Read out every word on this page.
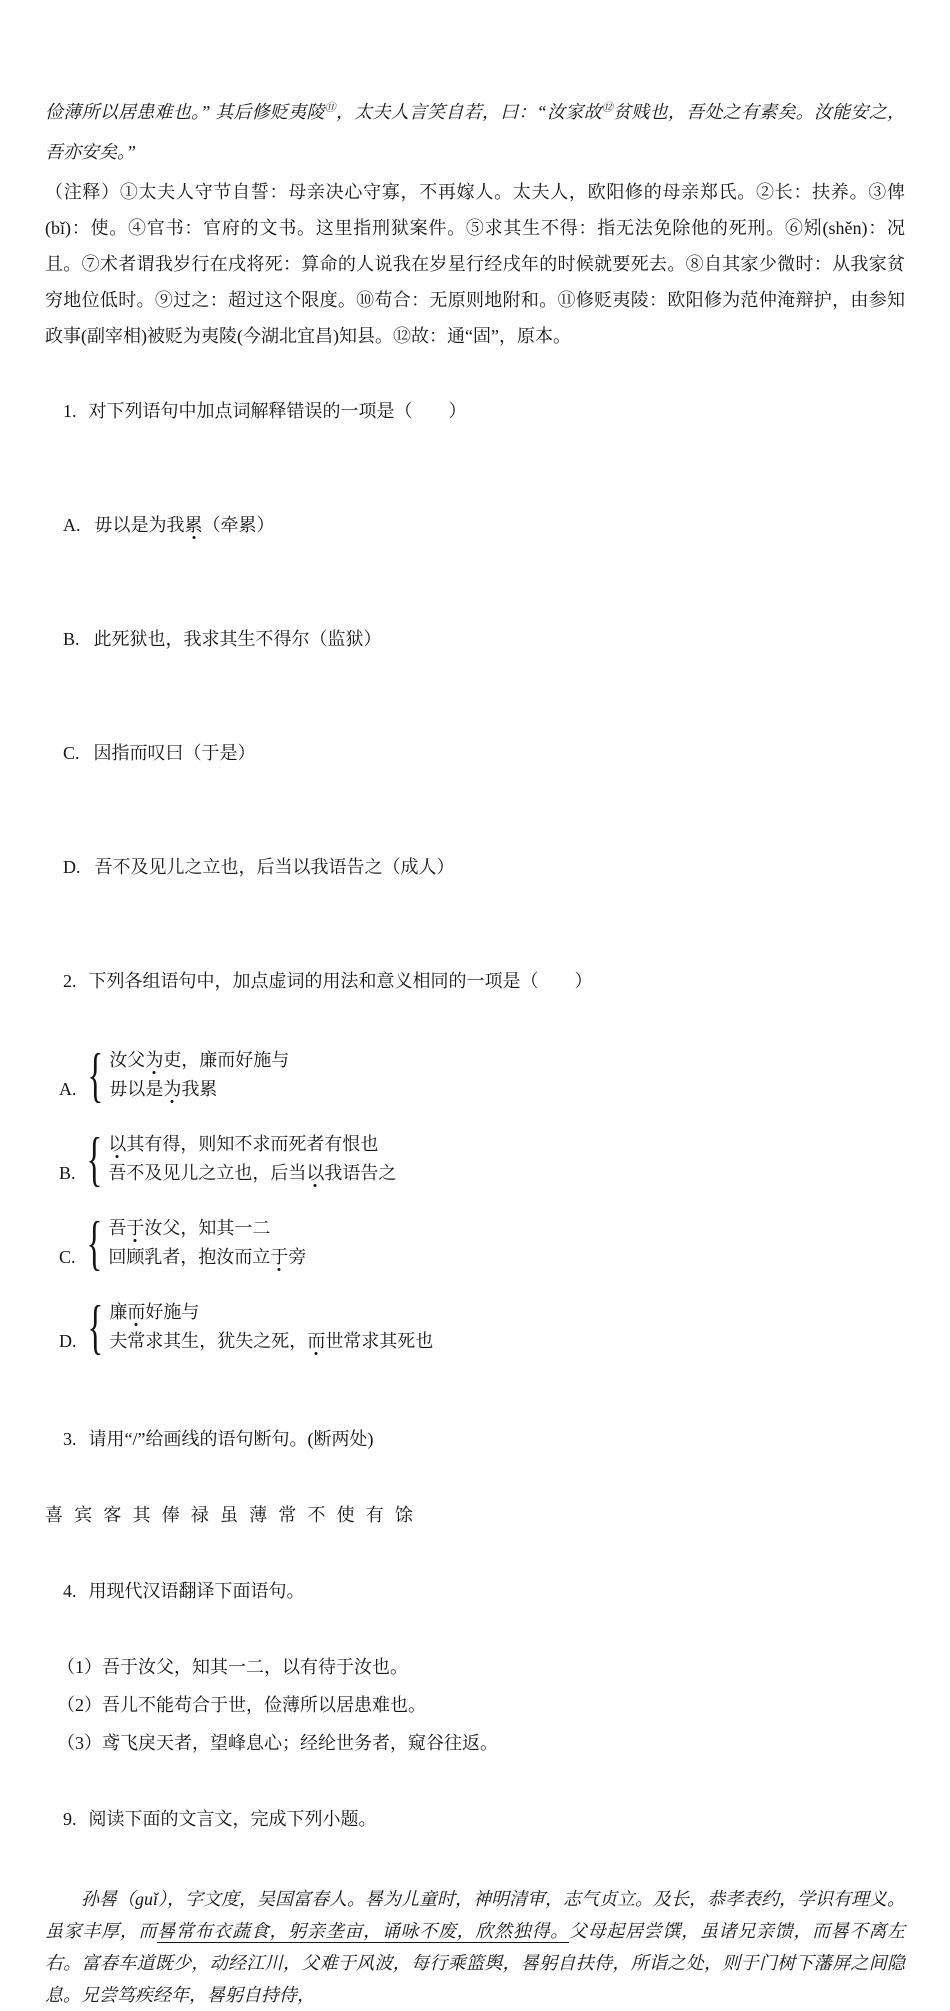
俭薄所以居患难也。” 其后修贬夷陵⑪，太夫人言笑自若，曰：“汝家故⑫贫贱也，吾处之有素矣。汝能安之，吾亦安矣。”

（注释）①太夫人守节自誓：母亲决心守寡，不再嫁人。太夫人，欧阳修的母亲郑氏。②长：扶养。③俾(bǐ)：使。④官书：官府的文书。这里指刑狱案件。⑤求其生不得：指无法免除他的死刑。⑥矧(shěn)：况且。⑦术者谓我岁行在戌将死：算命的人说我在岁星行经戌年的时候就要死去。⑧自其家少微时：从我家贫穷地位低时。⑨过之：超过这个限度。⑩苟合：无原则地附和。⑪修贬夷陵：欧阳修为范仲淹辩护，由参知政事(副宰相)被贬为夷陵(今湖北宜昌)知县。⑫故：通“固”，原本。

1. 对下列语句中加点词解释错误的一项是（　　）

A. 毋以是为我累（牵累）

B. 此死狱也，我求其生不得尔（监狱）

C. 因指而叹曰（于是）

D. 吾不及见儿之立也，后当以我语告之（成人）

2. 下列各组语句中，加点虚词的用法和意义相同的一项是（　　）

A.
{
汝父为吏，廉而好施与
毋以是为我累
B.
{
以其有得，则知不求而死者有恨也
吾不及见儿之立也，后当以我语告之
C.
{
吾于汝父，知其一二
回顾乳者，抱汝而立于旁
D.
{
廉而好施与
夫常求其生，犹失之死，而世常求其死也

3. 请用“/”给画线的语句断句。(断两处)

喜宾客其俸禄虽薄常不使有馀

4. 用现代汉语翻译下面语句。

（1）吾于汝父，知其一二，以有待于汝也。
（2）吾儿不能苟合于世，俭薄所以居患难也。
（3）鸢飞戾天者，望峰息心；经纶世务者，窥谷往返。

9. 阅读下面的文言文，完成下列小题。

孙晷（guǐ），字文度，吴国富春人。晷为儿童时，神明清审，志气贞立。及长，恭孝表约，学识有理义。虽家丰厚，而晷常布衣蔬食，躬亲垄亩，诵咏不废，欣然独得。父母起居尝馔，虽诸兄亲馈，而晷不离左右。富春车道既少，动经江川，父难于风波，每行乘篮舆，晷躬自扶侍，所诣之处，则于门树下藩屏之间隐息。兄尝笃疾经年，晷躬自持侍，
